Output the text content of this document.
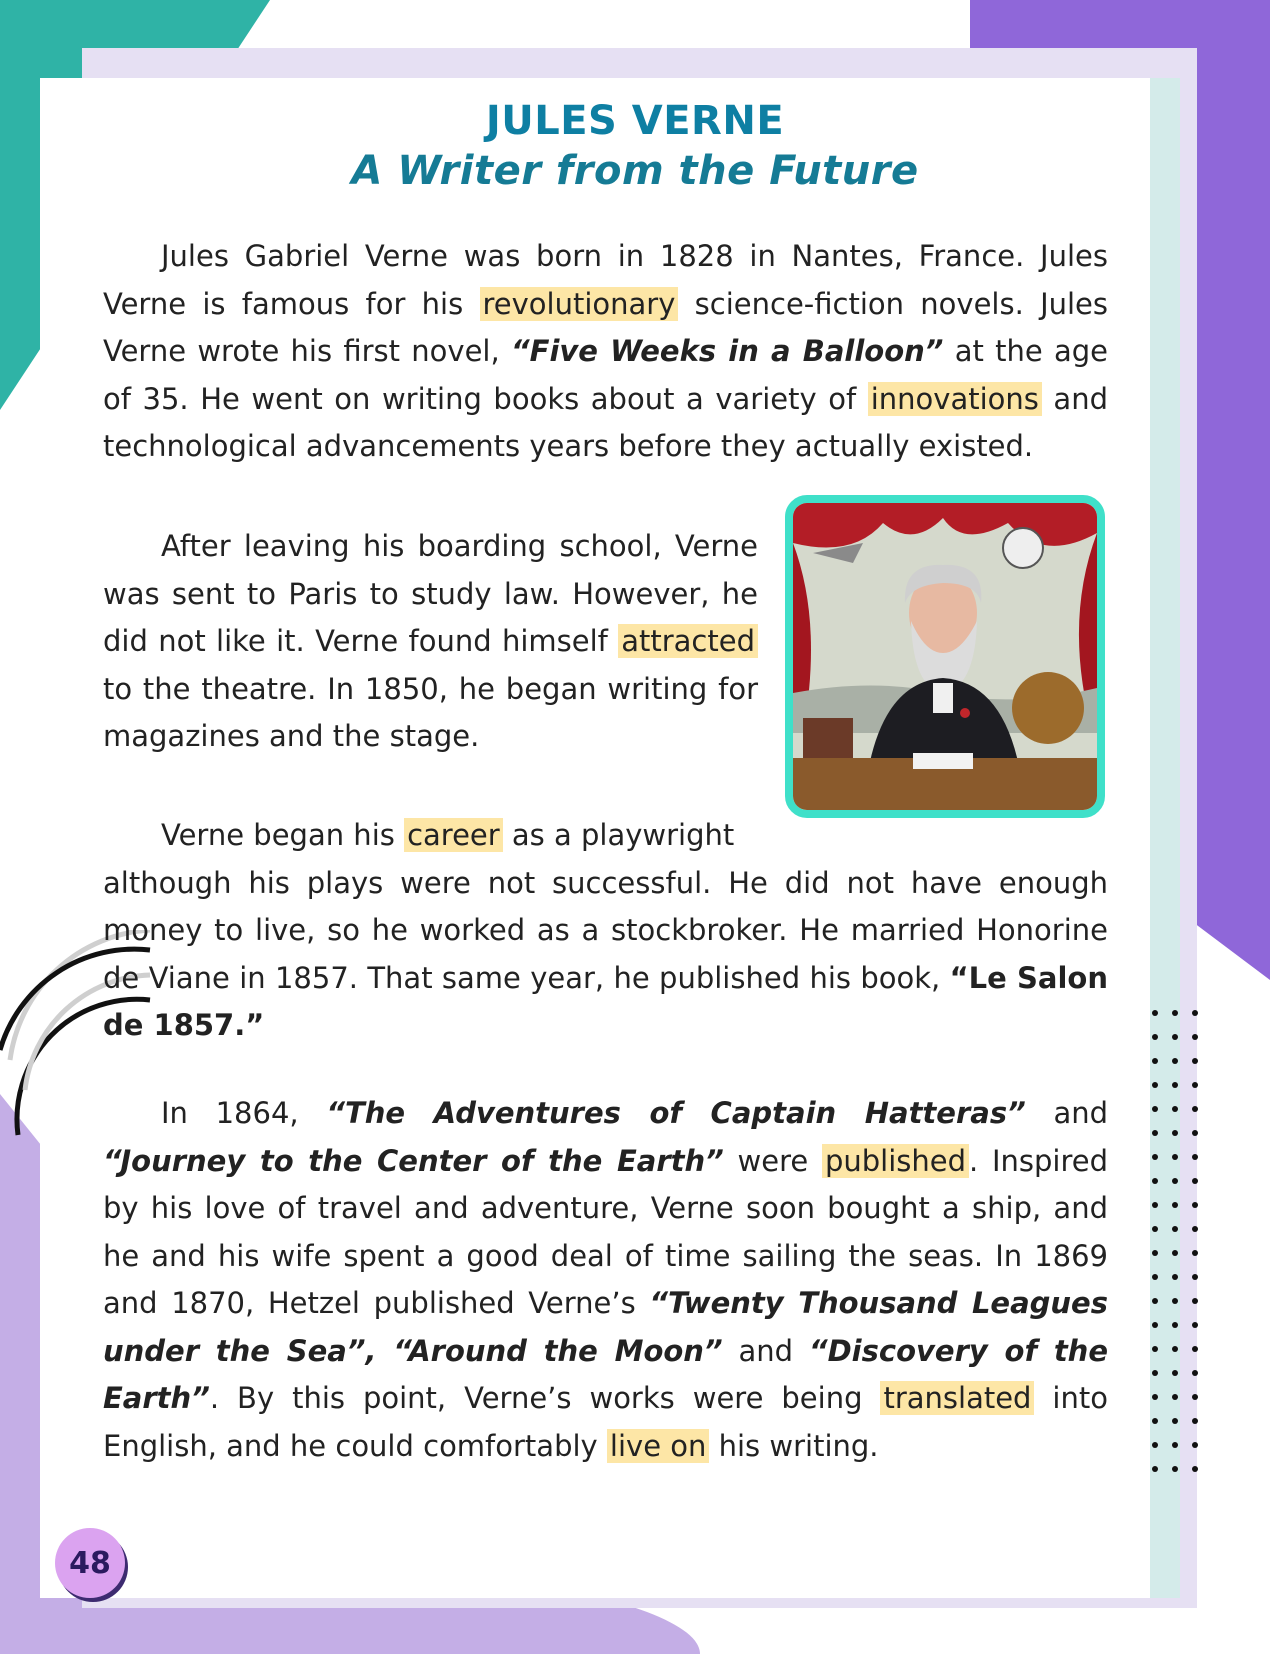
JULES VERNE
A Writer from the Future

Jules Gabriel Verne was born in 1828 in Nantes, France. Jules Verne is famous for his revolutionary science-fiction novels. Jules Verne wrote his first novel, “Five Weeks in a Balloon” at the age of 35. He went on writing books about a variety of innovations and technological advancements years before they actually existed.

After leaving his boarding school, Verne was sent to Paris to study law. However, he did not like it. Verne found himself attracted to the theatre. In 1850, he began writing for magazines and the stage.

Verne began his career as a playwright
although his plays were not successful. He did not have enough money to live, so he worked as a stockbroker. He married Honorine de Viane in 1857. That same year, he published his book, “Le Salon de 1857.”

In 1864, “The Adventures of Captain Hatteras” and “Journey to the Center of the Earth” were published . Inspired by his love of travel and adventure, Verne soon bought a ship, and he and his wife spent a good deal of time sailing the seas. In 1869 and 1870, Hetzel published Verne’s “Twenty Thousand Leagues under the Sea”, “Around the Moon” and “Discovery of the Earth”. By this point, Verne’s works were being translated into English, and he could comfortably live on his writing.

48
